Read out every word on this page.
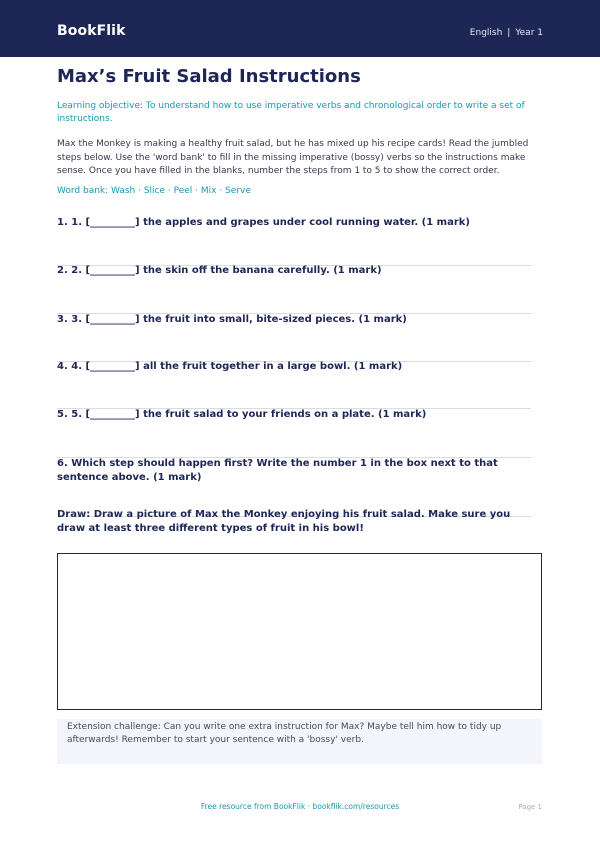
BookFlik	English | Year 1
Max’s Fruit Salad Instructions
Learning objective: To understand how to use imperative verbs and chronological order to write a set of instructions.
Max the Monkey is making a healthy fruit salad, but he has mixed up his recipe cards! Read the jumbled steps below. Use the 'word bank' to fill in the missing imperative (bossy) verbs so the instructions make sense. Once you have filled in the blanks, number the steps from 1 to 5 to show the correct order.
Word bank: Wash · Slice · Peel · Mix · Serve
1. 1. [_________] the apples and grapes under cool running water. (1 mark)
2. 2. [_________] the skin off the banana carefully. (1 mark)
3. 3. [_________] the fruit into small, bite-sized pieces. (1 mark)
4. 4. [_________] all the fruit together in a large bowl. (1 mark)
5. 5. [_________] the fruit salad to your friends on a plate. (1 mark)
6. Which step should happen first? Write the number 1 in the box next to that sentence above. (1 mark)
Draw: Draw a picture of Max the Monkey enjoying his fruit salad. Make sure you draw at least three different types of fruit in his bowl!
Extension challenge: Can you write one extra instruction for Max? Maybe tell him how to tidy up afterwards! Remember to start your sentence with a 'bossy' verb.
Free resource from BookFlik · bookflik.com/resources	Page 1
